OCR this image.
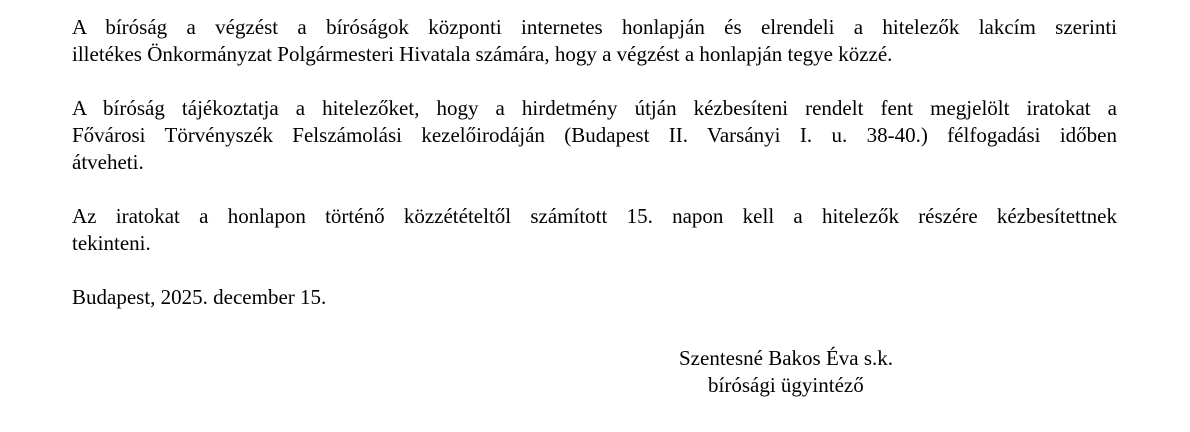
A bíróság a végzést a bíróságok központi internetes honlapján és elrendeli a hitelezők lakcím szerinti
illetékes Önkormányzat Polgármesteri Hivatala számára, hogy a végzést a honlapján tegye közzé.

A bíróság tájékoztatja a hitelezőket, hogy a hirdetmény útján kézbesíteni rendelt fent megjelölt iratokat a
Fővárosi Törvényszék Felszámolási kezelőirodáján (Budapest II. Varsányi I. u. 38-40.) félfogadási időben
átveheti.

Az iratokat a honlapon történő közzétételtől számított 15. napon kell a hitelezők részére kézbesítettnek
tekinteni.

Budapest, 2025. december 15.

Szentesné Bakos Éva s.k.
bírósági ügyintéző
